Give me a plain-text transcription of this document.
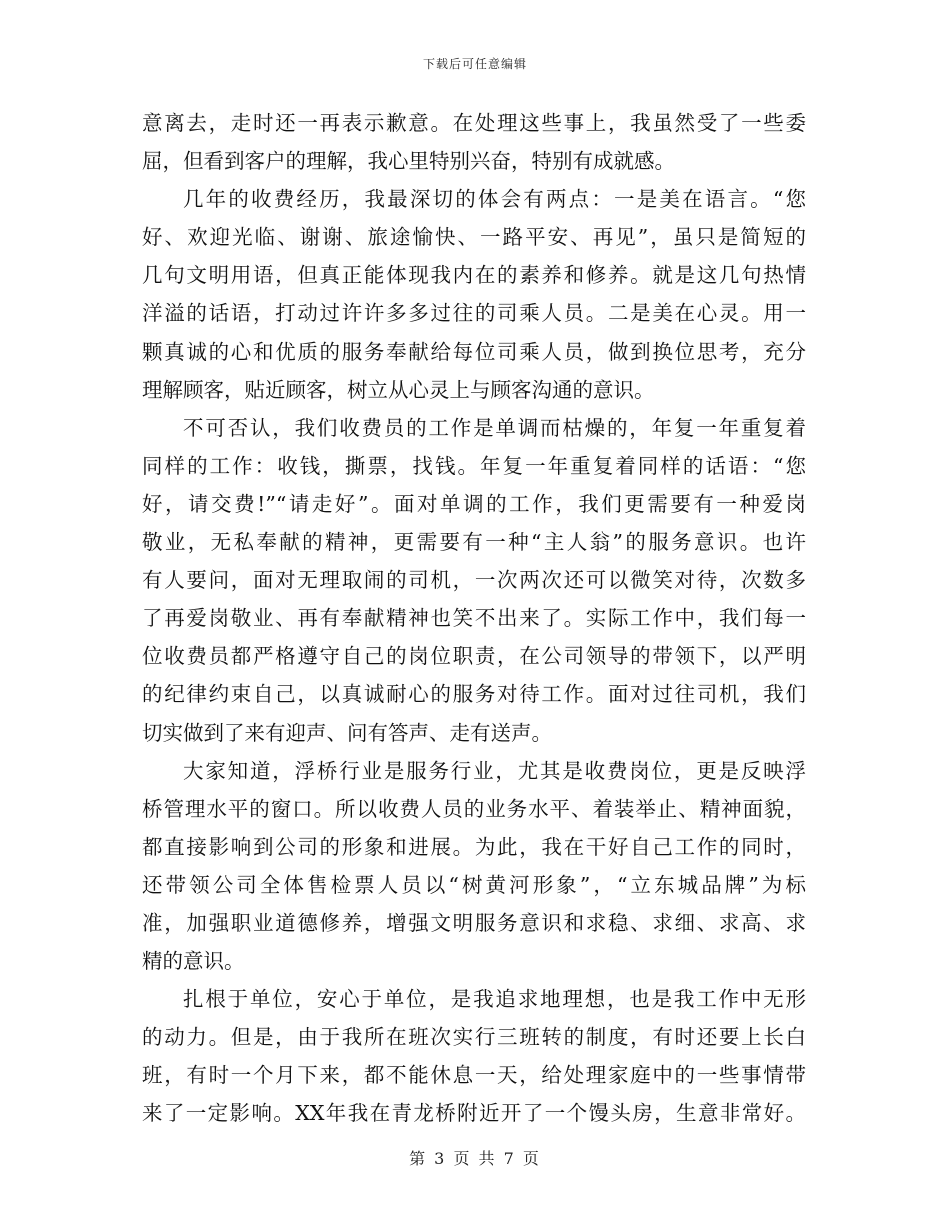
下载后可任意编辑
意离去，走时还一再表示歉意。在处理这些事上，我虽然受了一些委
屈，但看到客户的理解，我心里特别兴奋，特别有成就感。
几年的收费经历，我最深切的体会有两点：一是美在语言。“您
好、欢迎光临、谢谢、旅途愉快、一路平安、再见”，虽只是简短的
几句文明用语，但真正能体现我内在的素养和修养。就是这几句热情
洋溢的话语，打动过许许多多过往的司乘人员。二是美在心灵。用一
颗真诚的心和优质的服务奉献给每位司乘人员，做到换位思考，充分
理解顾客，贴近顾客，树立从心灵上与顾客沟通的意识。
不可否认，我们收费员的工作是单调而枯燥的，年复一年重复着
同样的工作：收钱，撕票，找钱。年复一年重复着同样的话语：“您
好，请交费!”“请走好”。面对单调的工作，我们更需要有一种爱岗
敬业，无私奉献的精神，更需要有一种“主人翁”的服务意识。也许
有人要问，面对无理取闹的司机，一次两次还可以微笑对待，次数多
了再爱岗敬业、再有奉献精神也笑不出来了。实际工作中，我们每一
位收费员都严格遵守自己的岗位职责，在公司领导的带领下，以严明
的纪律约束自己，以真诚耐心的服务对待工作。面对过往司机，我们
切实做到了来有迎声、问有答声、走有送声。
大家知道，浮桥行业是服务行业，尤其是收费岗位，更是反映浮
桥管理水平的窗口。所以收费人员的业务水平、着装举止、精神面貌，
都直接影响到公司的形象和进展。为此，我在干好自己工作的同时，
还带领公司全体售检票人员以“树黄河形象”，“立东城品牌”为标
准，加强职业道德修养，增强文明服务意识和求稳、求细、求高、求
精的意识。
扎根于单位，安心于单位，是我追求地理想，也是我工作中无形
的动力。但是，由于我所在班次实行三班转的制度，有时还要上长白
班，有时一个月下来，都不能休息一天，给处理家庭中的一些事情带
来了一定影响。XX年我在青龙桥附近开了一个馒头房，生意非常好。
第 3 页 共 7 页
